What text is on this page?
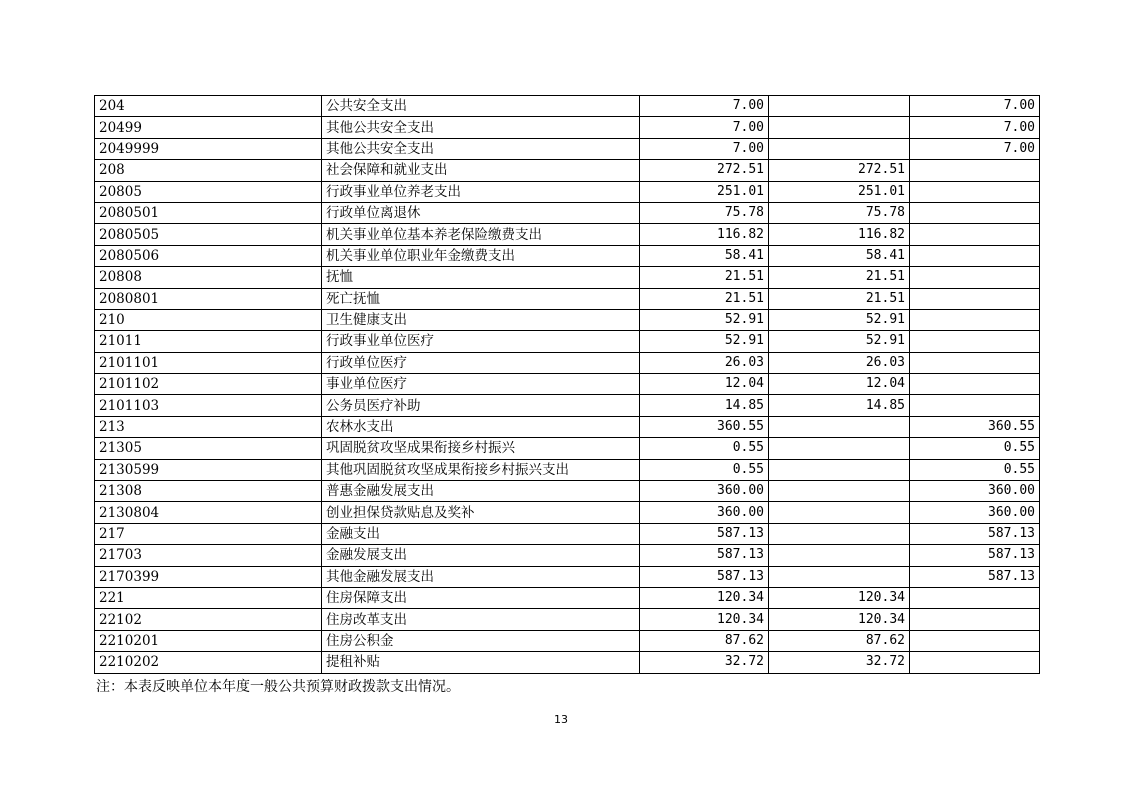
204	公共安全支出	7.00		7.00
20499	其他公共安全支出	7.00		7.00
2049999	其他公共安全支出	7.00		7.00
208	社会保障和就业支出	272.51	272.51	
20805	行政事业单位养老支出	251.01	251.01	
2080501	行政单位离退休	75.78	75.78	
2080505	机关事业单位基本养老保险缴费支出	116.82	116.82	
2080506	机关事业单位职业年金缴费支出	58.41	58.41	
20808	抚恤	21.51	21.51	
2080801	死亡抚恤	21.51	21.51	
210	卫生健康支出	52.91	52.91	
21011	行政事业单位医疗	52.91	52.91	
2101101	行政单位医疗	26.03	26.03	
2101102	事业单位医疗	12.04	12.04	
2101103	公务员医疗补助	14.85	14.85	
213	农林水支出	360.55		360.55
21305	巩固脱贫攻坚成果衔接乡村振兴	0.55		0.55
2130599	其他巩固脱贫攻坚成果衔接乡村振兴支出	0.55		0.55
21308	普惠金融发展支出	360.00		360.00
2130804	创业担保贷款贴息及奖补	360.00		360.00
217	金融支出	587.13		587.13
21703	金融发展支出	587.13		587.13
2170399	其他金融发展支出	587.13		587.13
221	住房保障支出	120.34	120.34	
22102	住房改革支出	120.34	120.34	
2210201	住房公积金	87.62	87.62	
2210202	提租补贴	32.72	32.72	
注：本表反映单位本年度一般公共预算财政拨款支出情况。
13
